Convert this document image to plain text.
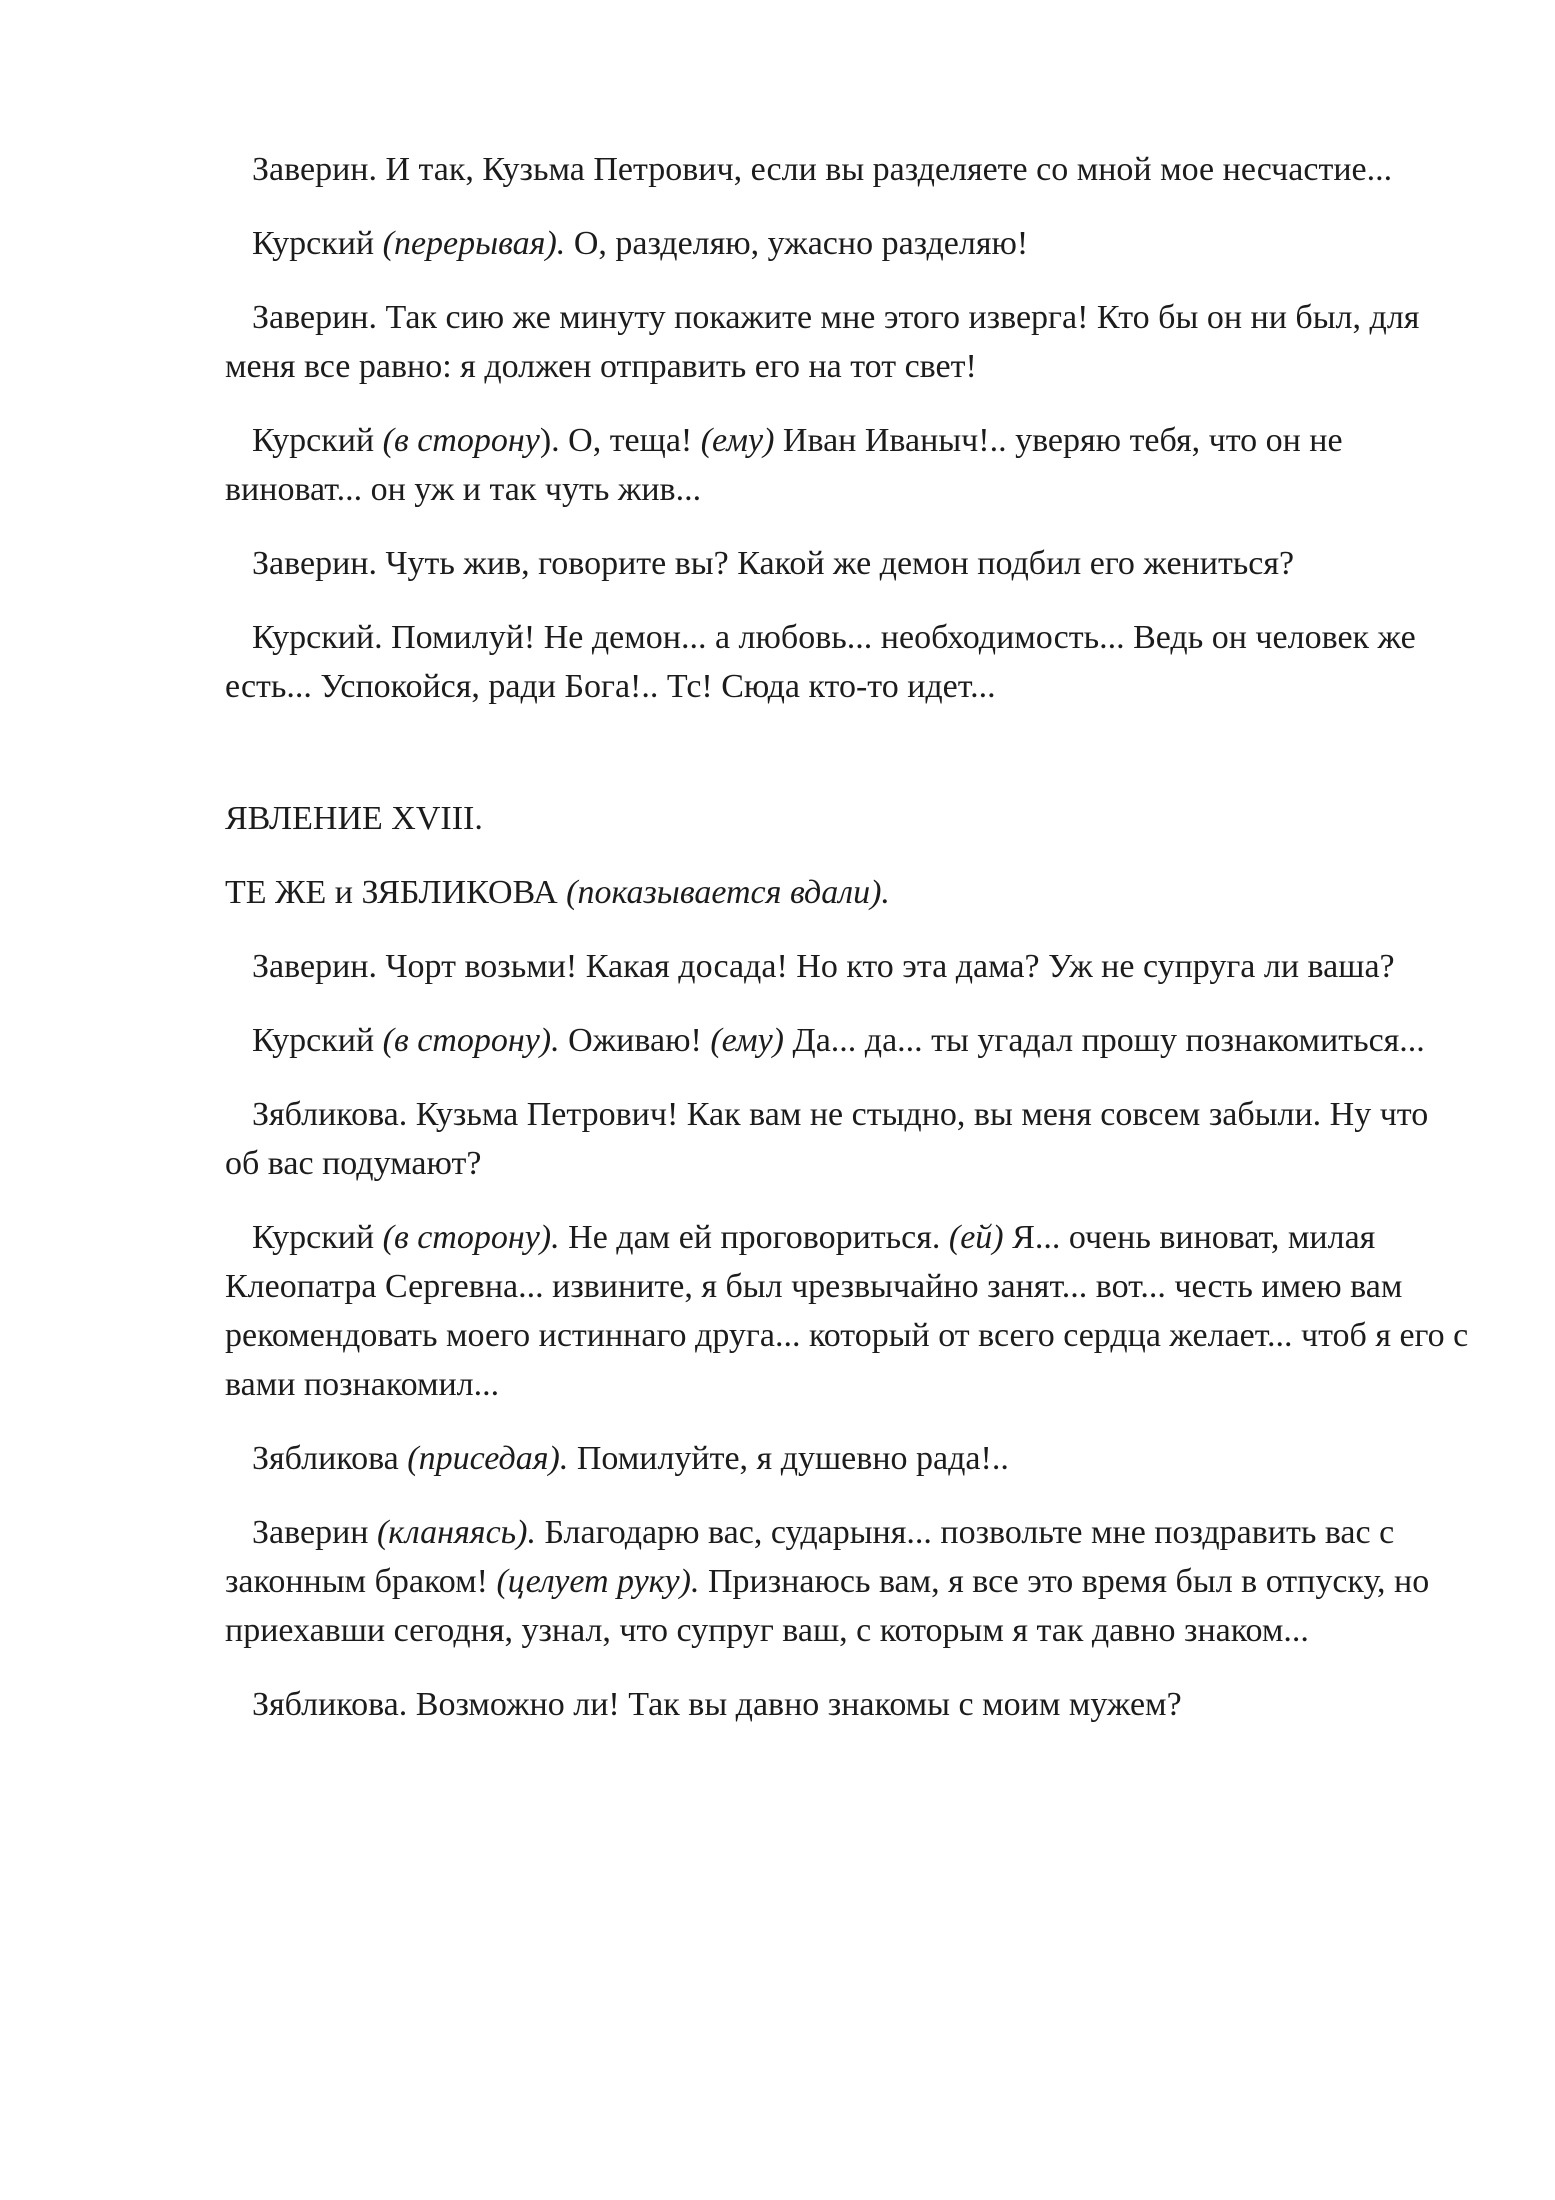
Заверин. И так, Кузьма Петрович, если вы разделяете со мной мое несчастие...

Курский (перерывая). О, разделяю, ужасно разделяю!

Заверин. Так сию же минуту покажите мне этого изверга! Кто бы он ни был, для меня все равно: я должен отправить его на тот свет!

Курский (в сторону). О, теща! (ему) Иван Иваныч!.. уверяю тебя, что он не виноват... он уж и так чуть жив...

Заверин. Чуть жив, говорите вы? Какой же демон подбил его жениться?

Курский. Помилуй! Не демон... а любовь... необходимость... Ведь он человек же есть... Успокойся, ради Бога!.. Тс! Сюда кто-то идет...

ЯВЛЕНИЕ XVIII.

ТЕ ЖЕ и ЗЯБЛИКОВА (показывается вдали).

Заверин. Чорт возьми! Какая досада! Но кто эта дама? Уж не супруга ли ваша?

Курский (в сторону). Оживаю! (ему) Да... да... ты угадал прошу познакомиться...

Зябликова. Кузьма Петрович! Как вам не стыдно, вы меня совсем забыли. Ну что об вас подумают?

Курский (в сторону). Не дам ей проговориться. (ей) Я... очень виноват, милая Клеопатра Сергевна... извините, я был чрезвычайно занят... вот... честь имею вам рекомендовать моего истиннаго друга... который от всего сердца желает... чтоб я его с вами познакомил...

Зябликова (приседая). Помилуйте, я душевно рада!..

Заверин (кланяясь). Благодарю вас, сударыня... позвольте мне поздравить вас с законным браком! (целует руку). Признаюсь вам, я все это время был в отпуску, но приехавши сегодня, узнал, что супруг ваш, с которым я так давно знаком...

Зябликова. Возможно ли! Так вы давно знакомы с моим мужем?
